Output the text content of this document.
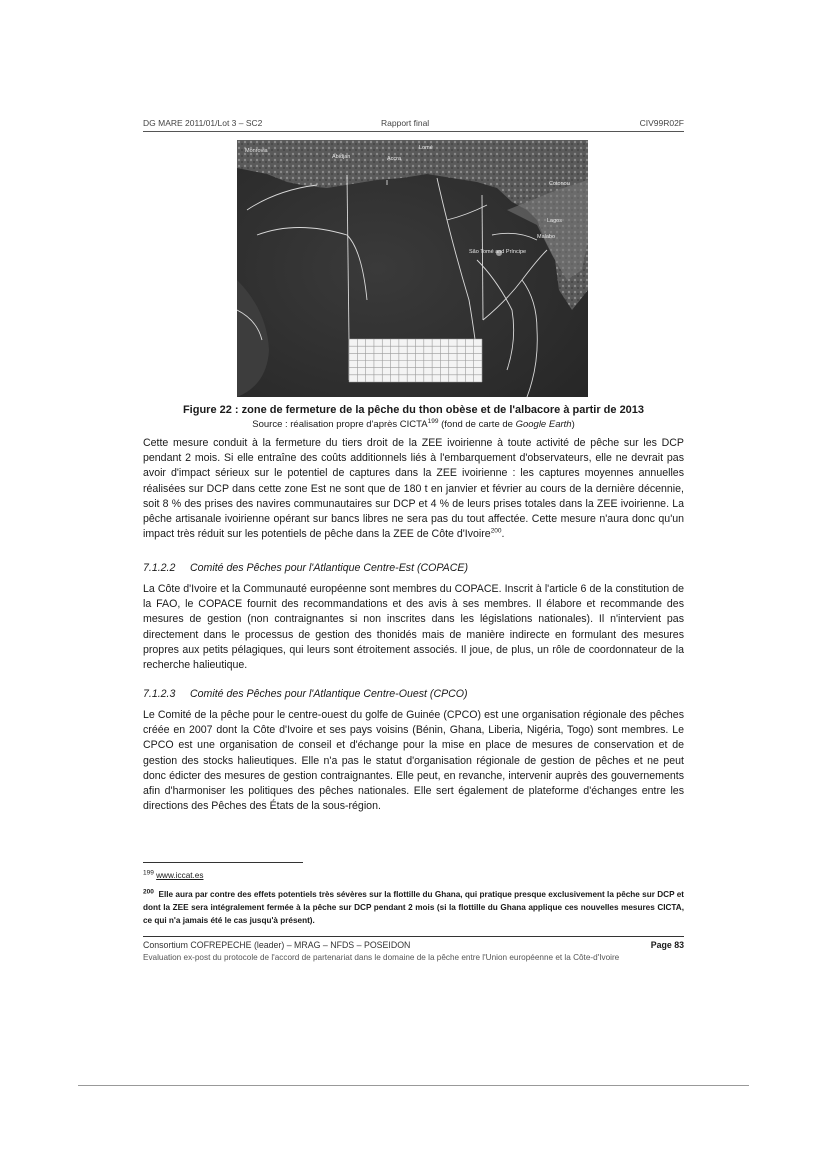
DG MARE 2011/01/Lot 3 – SC2	Rapport final	CIV99R02F
Monrovia
Abidjan	Accra
Lomé
Cotonou
Lagos
São Tomé and Príncipe
Malabo
Figure 22 : zone de fermeture de la pêche du thon obèse et de l'albacore à partir de 2013
Source : réalisation propre d'après CICTA$^{199}$ (fond de carte de Google Earth)
Cette mesure conduit à la fermeture du tiers droit de la ZEE ivoirienne à toute activité de pêche sur les DCP pendant 2 mois. Si elle entraîne des coûts additionnels liés à l'embarquement d'observateurs, elle ne devrait pas avoir d'impact sérieux sur le potentiel de captures dans la ZEE ivoirienne : les captures moyennes annuelles réalisées sur DCP dans cette zone Est ne sont que de 180 t en janvier et février au cours de la dernière décennie, soit 8 % des prises des navires communautaires sur DCP et 4 % de leurs prises totales dans la ZEE ivoirienne. La pêche artisanale ivoirienne opérant sur bancs libres ne sera pas du tout affectée. Cette mesure n'aura donc qu'un impact très réduit sur les potentiels de pêche dans la ZEE de Côte d'Ivoire$^{200}$.
7.1.2.2 Comité des Pêches pour l'Atlantique Centre-Est (COPACE)
La Côte d'Ivoire et la Communauté européenne sont membres du COPACE. Inscrit à l'article 6 de la constitution de la FAO, le COPACE fournit des recommandations et des avis à ses membres. Il élabore et recommande des mesures de gestion (non contraignantes si non inscrites dans les législations nationales). Il n'intervient pas directement dans le processus de gestion des thonidés mais de manière indirecte en formulant des mesures propres aux petits pélagiques, qui leurs sont étroitement associés. Il joue, de plus, un rôle de coordonnateur de la recherche halieutique.
7.1.2.3 Comité des Pêches pour l'Atlantique Centre-Ouest (CPCO)
Le Comité de la pêche pour le centre-ouest du golfe de Guinée (CPCO) est une organisation régionale des pêches créée en 2007 dont la Côte d'Ivoire et ses pays voisins (Bénin, Ghana, Liberia, Nigéria, Togo) sont membres. Le CPCO est une organisation de conseil et d'échange pour la mise en place de mesures de conservation et de gestion des stocks halieutiques. Elle n'a pas le statut d'organisation régionale de gestion de pêches et ne peut donc édicter des mesures de gestion contraignantes. Elle peut, en revanche, intervenir auprès des gouvernements afin d'harmoniser les politiques des pêches nationales. Elle sert également de plateforme d'échanges entre les directions des Pêches des États de la sous-région.
$^{199}$ www.iccat.es
$^{200}$ Elle aura par contre des effets potentiels très sévères sur la flottille du Ghana, qui pratique presque exclusivement la pêche sur DCP et dont la ZEE sera intégralement fermée à la pêche sur DCP pendant 2 mois (si la flottille du Ghana applique ces nouvelles mesures CICTA, ce qui n'a jamais été le cas jusqu'à présent).
Consortium COFREPECHE (leader) – MRAG – NFDS – POSEIDON	Page 83
Evaluation ex-post du protocole de l'accord de partenariat dans le domaine de la pêche entre l'Union européenne et la Côte-d'Ivoire
